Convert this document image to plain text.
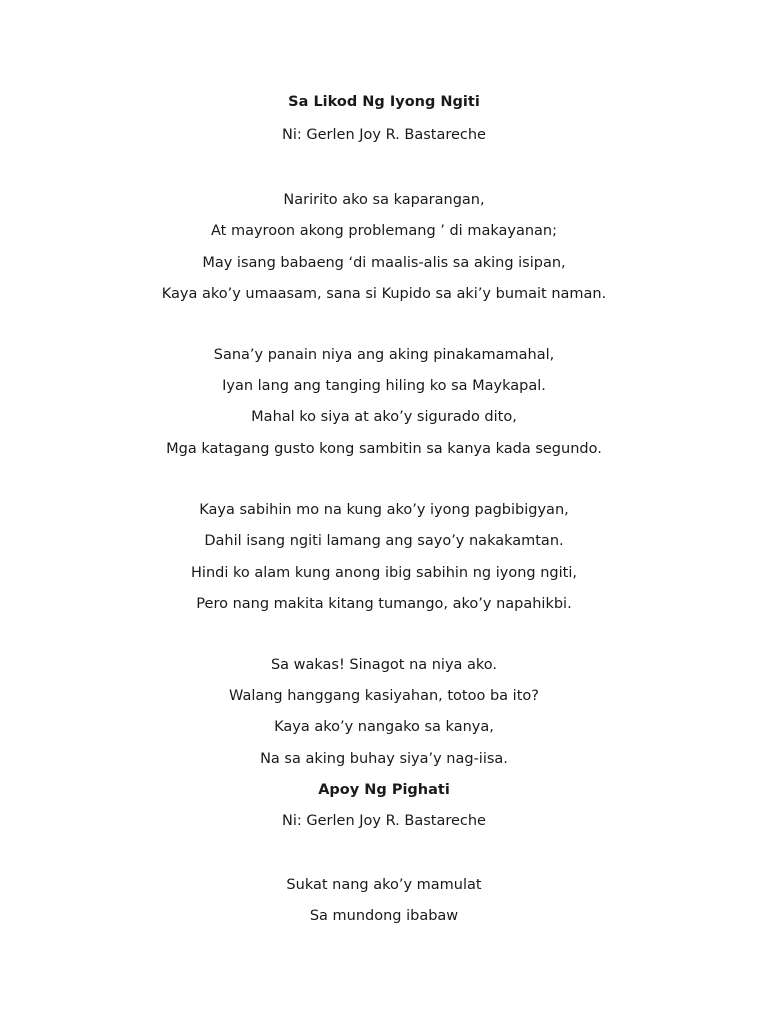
Sa Likod Ng Iyong Ngiti
Ni: Gerlen Joy R. Bastareche
Naririto ako sa kaparangan,
At mayroon akong problemang ’ di makayanan;
May isang babaeng ‘di maalis-alis sa aking isipan,
Kaya ako’y umaasam, sana si Kupido sa aki’y bumait naman.
Sana’y panain niya ang aking pinakamamahal,
Iyan lang ang tanging hiling ko sa Maykapal.
Mahal ko siya at ako’y sigurado dito,
Mga katagang gusto kong sambitin sa kanya kada segundo.
Kaya sabihin mo na kung ako’y iyong pagbibigyan,
Dahil isang ngiti lamang ang sayo’y nakakamtan.
Hindi ko alam kung anong ibig sabihin ng iyong ngiti,
Pero nang makita kitang tumango, ako’y napahikbi.
Sa wakas! Sinagot na niya ako.
Walang hanggang kasiyahan, totoo ba ito?
Kaya ako’y nangako sa kanya,
Na sa aking buhay siya’y nag-iisa.
Apoy Ng Pighati
Ni: Gerlen Joy R. Bastareche
Sukat nang ako’y mamulat
Sa mundong ibabaw
